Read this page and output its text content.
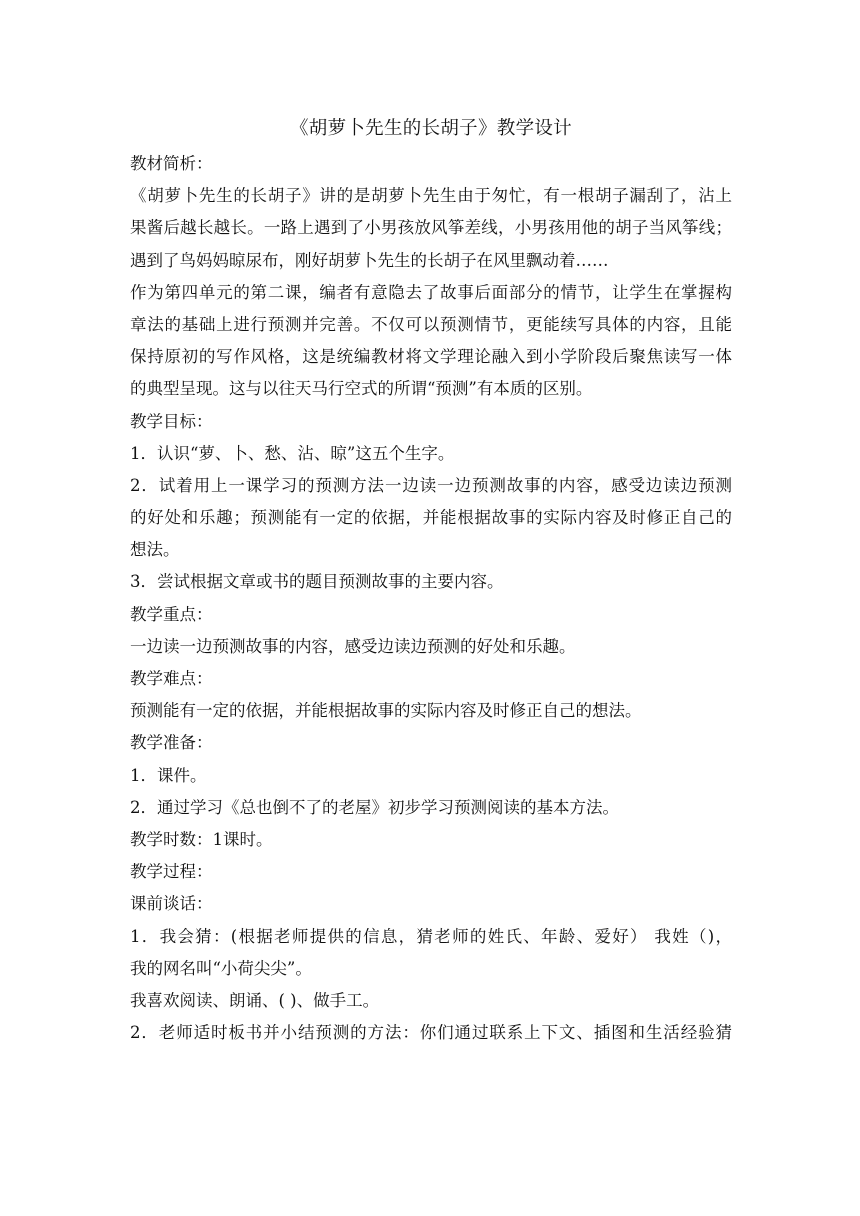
《胡萝卜先生的长胡子》教学设计
教材简析：
《胡萝卜先生的长胡子》讲的是胡萝卜先生由于匆忙，有一根胡子漏刮了，沾上
果酱后越长越长。一路上遇到了小男孩放风筝差线，小男孩用他的胡子当风筝线；
遇到了鸟妈妈晾尿布，刚好胡萝卜先生的长胡子在风里飘动着……
作为第四单元的第二课，编者有意隐去了故事后面部分的情节，让学生在掌握构
章法的基础上进行预测并完善。不仅可以预测情节，更能续写具体的内容，且能
保持原初的写作风格，这是统编教材将文学理论融入到小学阶段后聚焦读写一体
的典型呈现。这与以往天马行空式的所谓“预测”有本质的区别。
教学目标：
1．认识“萝、卜、愁、沾、晾”这五个生字。
2．试着用上一课学习的预测方法一边读一边预测故事的内容，感受边读边预测
的好处和乐趣；预测能有一定的依据，并能根据故事的实际内容及时修正自己的
想法。
3．尝试根据文章或书的题目预测故事的主要内容。
教学重点：
一边读一边预测故事的内容，感受边读边预测的好处和乐趣。
教学难点：
预测能有一定的依据，并能根据故事的实际内容及时修正自己的想法。
教学准备：
1．课件。
2．通过学习《总也倒不了的老屋》初步学习预测阅读的基本方法。
教学时数：1课时。
教学过程：
课前谈话：
1．我会猜：(根据老师提供的信息，猜老师的姓氏、年龄、爱好） 我姓（)，
我的网名叫“小荷尖尖”。
我喜欢阅读、朗诵、( )、做手工。
2．老师适时板书并小结预测的方法：你们通过联系上下文、插图和生活经验猜
